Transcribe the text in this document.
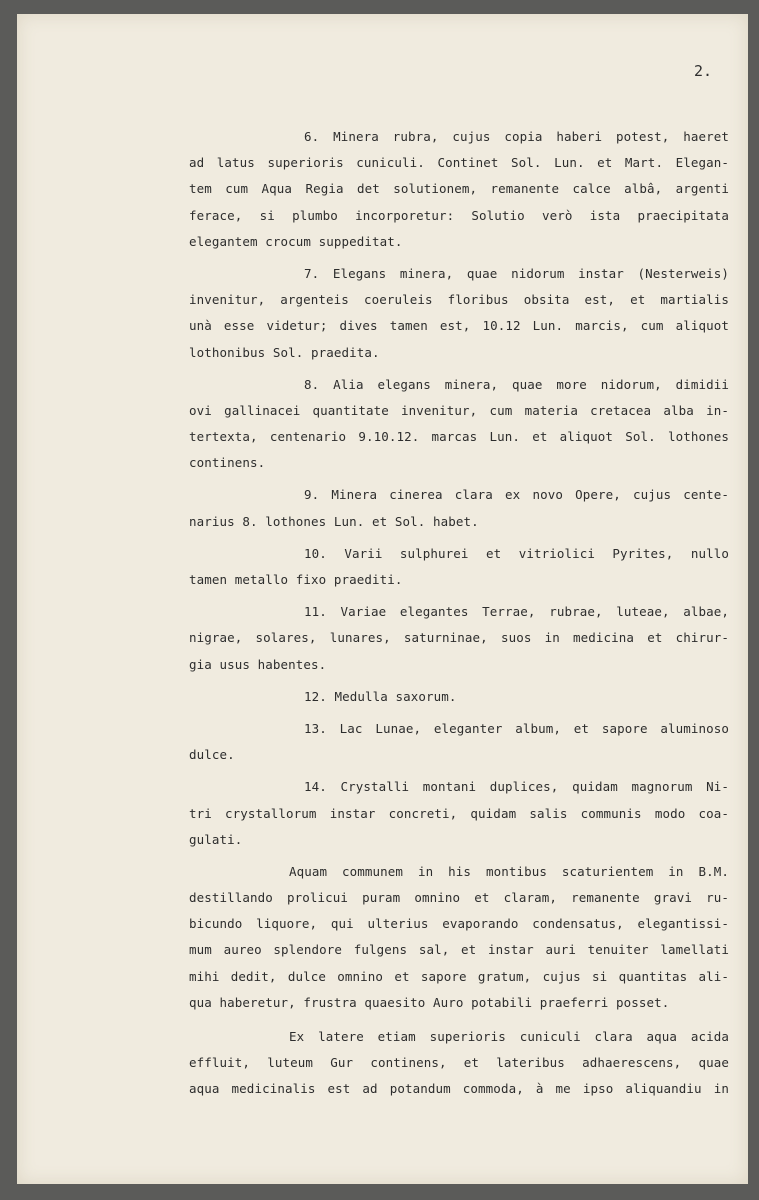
2.
6. Minera rubra, cujus copia haberi potest, haeret
ad latus superioris cuniculi. Continet Sol. Lun. et Mart. Elegan-
tem cum Aqua Regia det solutionem, remanente calce albâ, argenti
ferace, si plumbo incorporetur: Solutio verò ista praecipitata
elegantem crocum suppeditat.
7. Elegans minera, quae nidorum instar (Nesterweis)
invenitur, argenteis coeruleis floribus obsita est, et martialis
unà esse videtur; dives tamen est, 10.12 Lun. marcis, cum aliquot
lothonibus Sol. praedita.
8. Alia elegans minera, quae more nidorum, dimidii
ovi gallinacei quantitate invenitur, cum materia cretacea alba in-
tertexta, centenario 9.10.12. marcas Lun. et aliquot Sol. lothones
continens.
9. Minera cinerea clara ex novo Opere, cujus cente-
narius 8. lothones Lun. et Sol. habet.
10. Varii sulphurei et vitriolici Pyrites, nullo
tamen metallo fixo praediti.
11. Variae elegantes Terrae, rubrae, luteae, albae,
nigrae, solares, lunares, saturninae, suos in medicina et chirur-
gia usus habentes.
12. Medulla saxorum.
13. Lac Lunae, eleganter album, et sapore aluminoso
dulce.
14. Crystalli montani duplices, quidam magnorum Ni-
tri crystallorum instar concreti, quidam salis communis modo coa-
gulati.
Aquam communem in his montibus scaturientem in B.M.
destillando prolicui puram omnino et claram, remanente gravi ru-
bicundo liquore, qui ulterius evaporando condensatus, elegantissi-
mum aureo splendore fulgens sal, et instar auri tenuiter lamellati
mihi dedit, dulce omnino et sapore gratum, cujus si quantitas ali-
qua haberetur, frustra quaesito Auro potabili praeferri posset.
Ex latere etiam superioris cuniculi clara aqua acida
effluit, luteum Gur continens, et lateribus adhaerescens, quae
aqua medicinalis est ad potandum commoda, à me ipso aliquandiu in
